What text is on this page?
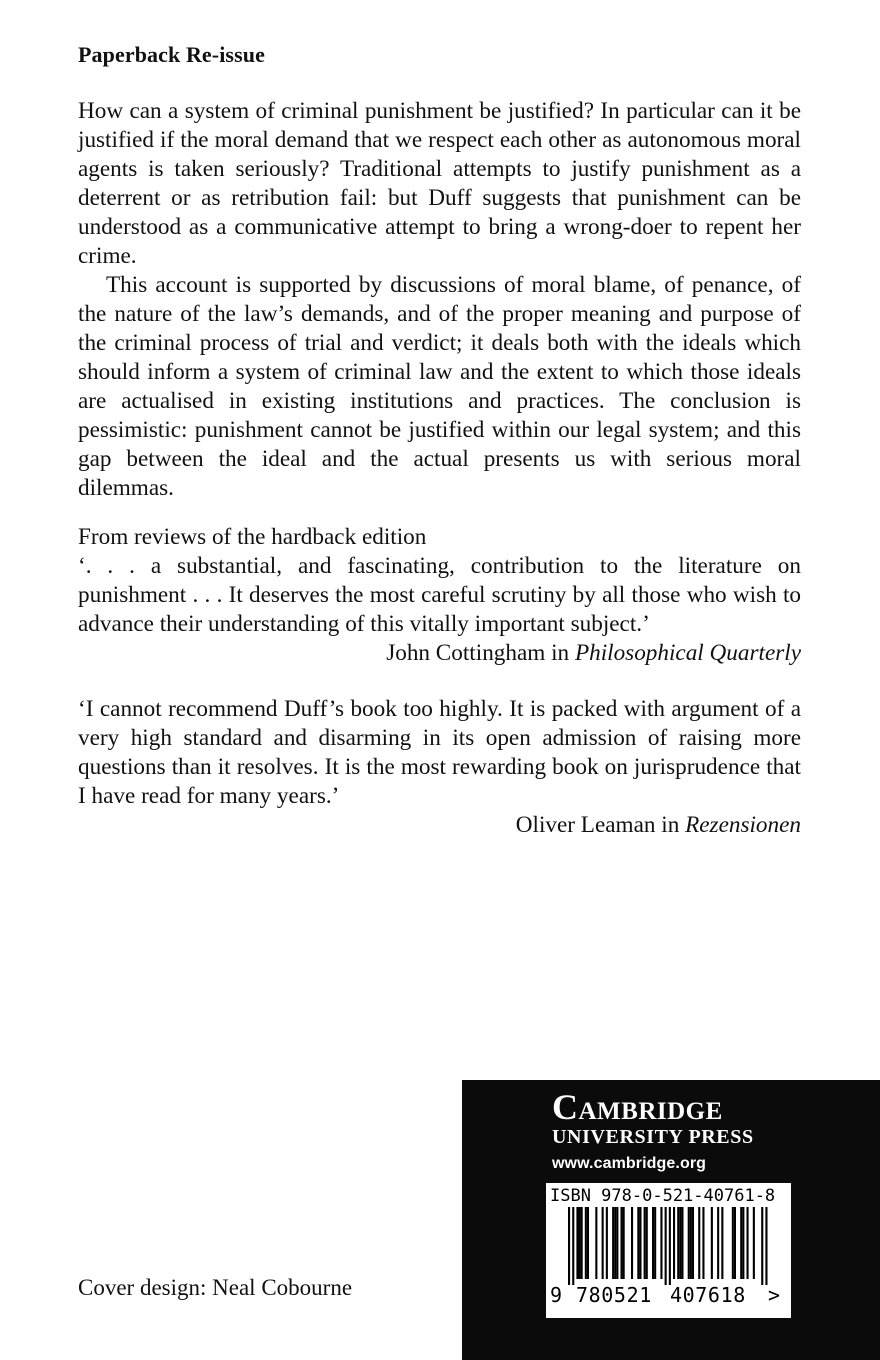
Paperback Re-issue

How can a system of criminal punishment be justified? In particular can it be justified if the moral demand that we respect each other as autonomous moral agents is taken seriously? Traditional attempts to justify punishment as a deterrent or as retribution fail: but Duff suggests that punishment can be understood as a communicative attempt to bring a wrong-doer to repent her crime.

This account is supported by discussions of moral blame, of penance, of the nature of the law’s demands, and of the proper meaning and purpose of the criminal process of trial and verdict; it deals both with the ideals which should inform a system of criminal law and the extent to which those ideals are actualised in existing institutions and practices. The conclusion is pessimistic: punishment cannot be justified within our legal system; and this gap between the ideal and the actual presents us with serious moral dilemmas.

From reviews of the hardback edition

‘. . . a substantial, and fascinating, contribution to the literature on punishment . . . It deserves the most careful scrutiny by all those who wish to advance their understanding of this vitally important subject.’

John Cottingham in Philosophical Quarterly

‘I cannot recommend Duff’s book too highly. It is packed with argument of a very high standard and disarming in its open admission of raising more questions than it resolves. It is the most rewarding book on jurisprudence that I have read for many years.’

Oliver Leaman in Rezensionen

Cover design: Neal Cobourne

Cambridge
UNIVERSITY PRESS
www.cambridge.org
ISBN 978-0-521-40761-8
9 780521 407618 >
